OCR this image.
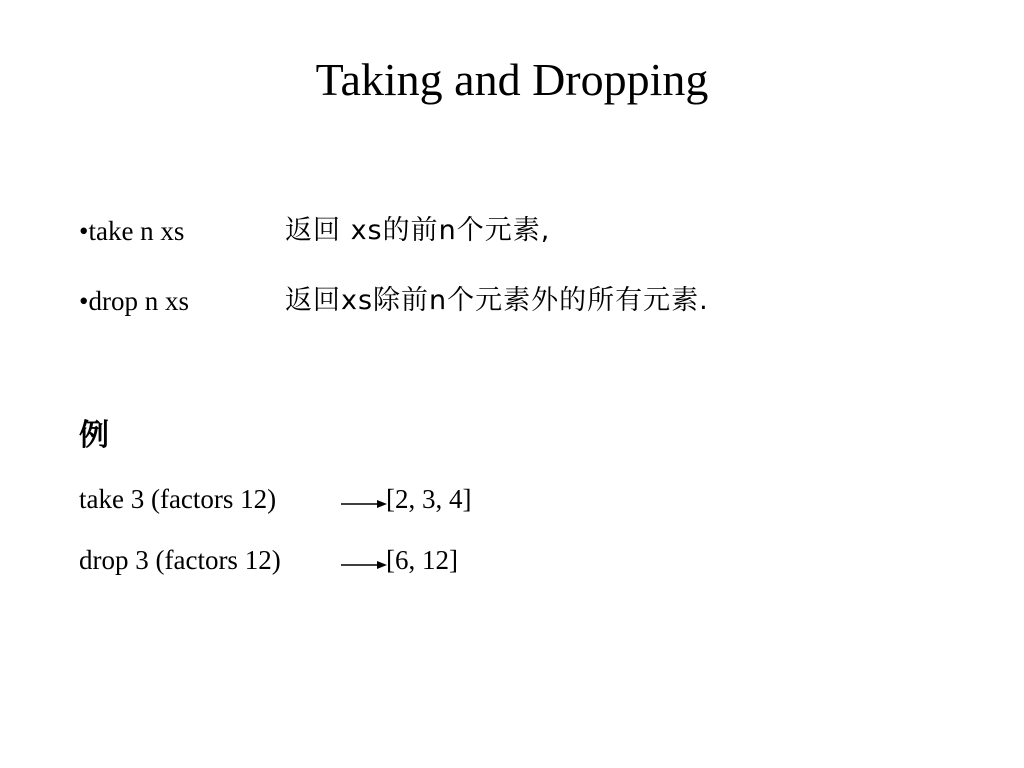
Taking and Dropping
•take n xs	返回 xs的前n个元素,
•drop n xs	返回xs除前n个元素外的所有元素.
例
take 3 (factors 12)	[2, 3, 4]
drop 3 (factors 12)	[6, 12]
